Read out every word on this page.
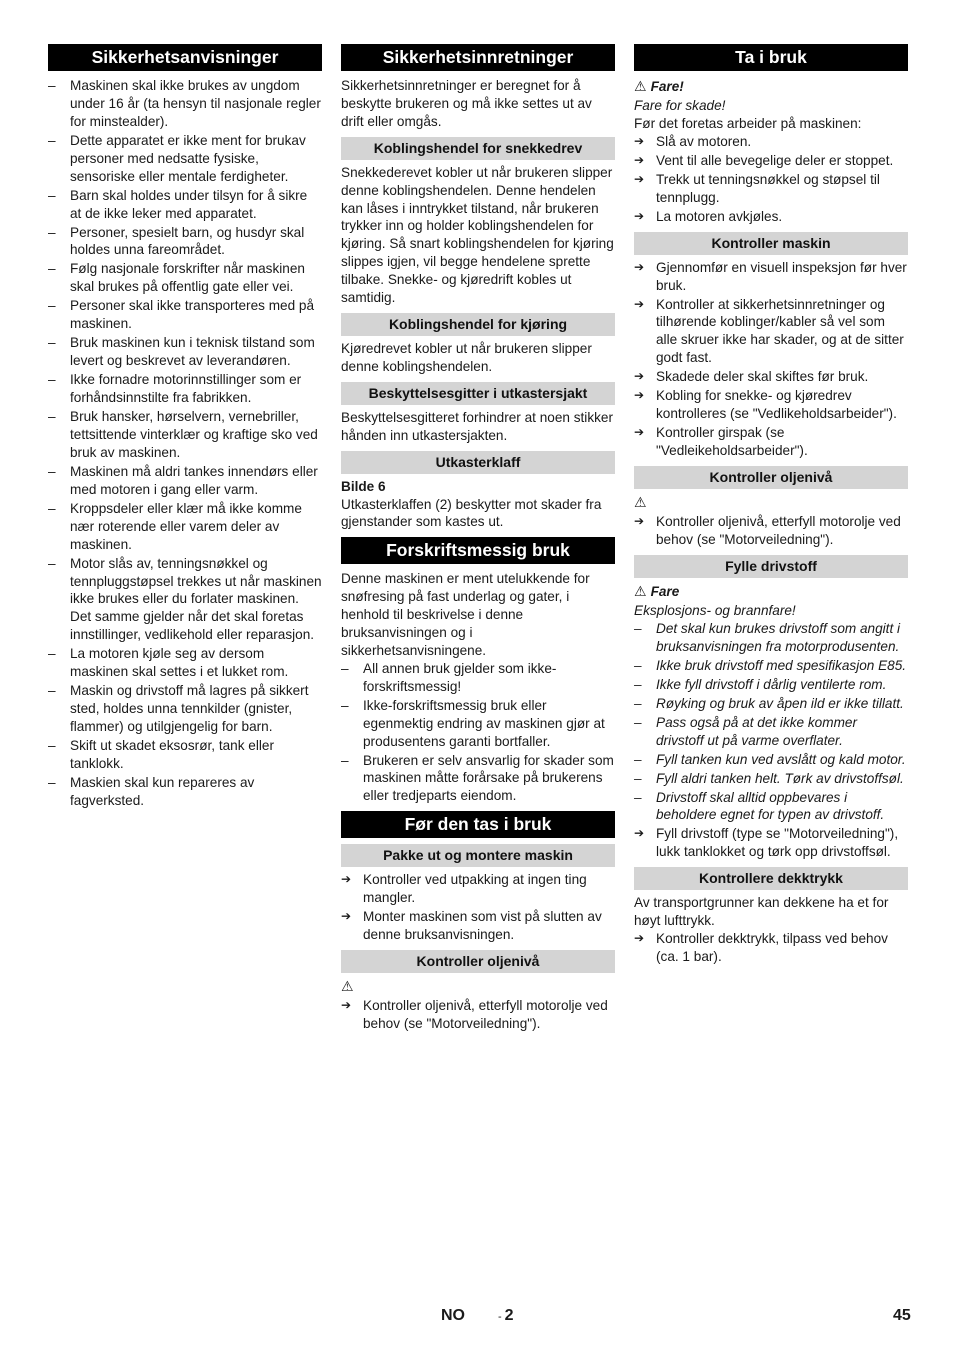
Sikkerhetsanvisninger
– Maskinen skal ikke brukes av ungdom under 16 år (ta hensyn til nasjonale regler for minstealder).
– Dette apparatet er ikke ment for brukav personer med nedsatte fysiske, sensoriske eller mentale ferdigheter.
– Barn skal holdes under tilsyn for å sikre at de ikke leker med apparatet.
– Personer, spesielt barn, og husdyr skal holdes unna fareområdet.
– Følg nasjonale forskrifter når maskinen skal brukes på offentlig gate eller vei.
– Personer skal ikke transporteres med på maskinen.
– Bruk maskinen kun i teknisk tilstand som levert og beskrevet av leverandøren.
– Ikke fornadre motorinnstillinger som er forhåndsinnstilte fra fabrikken.
– Bruk hansker, hørselvern, vernebriller, tettsittende vinterklær og kraftige sko ved bruk av maskinen.
– Maskinen må aldri tankes innendørs eller med motoren i gang eller varm.
– Kroppsdeler eller klær må ikke komme nær roterende eller varem deler av maskinen.
– Motor slås av, tenningsnøkkel og tennpluggstøpsel trekkes ut når maskinen ikke brukes eller du forlater maskinen. Det samme gjelder når det skal foretas innstillinger, vedlikehold eller reparasjon.
– La motoren kjøle seg av dersom maskinen skal settes i et lukket rom.
– Maskin og drivstoff må lagres på sikkert sted, holdes unna tennkilder (gnister, flammer) og utilgjengelig for barn.
– Skift ut skadet eksosrør, tank eller tanklokk.
– Maskien skal kun repareres av fagverksted.
Sikkerhetsinnretninger

Sikkerhetsinnretninger er beregnet for å beskytte brukeren og må ikke settes ut av drift eller omgås.

Koblingshendel for snekkedrev

Snekkederevet kobler ut når brukeren slipper denne koblingshendelen. Denne hendelen kan låses i inntrykket tilstand, når brukeren trykker inn og holder koblingshendelen for kjøring. Så snart koblingshendelen for kjøring slippes igjen, vil begge hendelene sprette tilbake. Snekke- og kjøredrift kobles ut samtidig.

Koblingshendel for kjøring

Kjøredrevet kobler ut når brukeren slipper denne koblingshendelen.

Beskyttelsesgitter i utkastersjakt

Beskyttelsesgitteret forhindrer at noen stikker hånden inn utkastersjakten.

Utkasterklaff

Bilde 6

Utkasterklaffen (2) beskytter mot skader fra gjenstander som kastes ut.

Forskriftsmessig bruk

Denne maskinen er ment utelukkende for snøfresing på fast underlag og gater, i henhold til beskrivelse i denne bruksanvisningen og i sikkerhetsanvisningene.

– All annen bruk gjelder som ikke-forskriftsmessig!
– Ikke-forskriftsmessig bruk eller egenmektig endring av maskinen gjør at produsentens garanti bortfaller.
– Brukeren er selv ansvarlig for skader som maskinen måtte forårsake på brukerens eller tredjeparts eiendom.
Før den tas i bruk
Pakke ut og montere maskin
➔ Kontroller ved utpakking at ingen ting mangler.
➔ Monter maskinen som vist på slutten av denne bruksanvisningen.
Kontroller oljenivå

⚠

➔ Kontroller oljenivå, etterfyll motorolje ved behov (se "Motorveiledning").
Ta i bruk

⚠ Fare!

Fare for skade!

Før det foretas arbeider på maskinen:

➔ Slå av motoren.
➔ Vent til alle bevegelige deler er stoppet.
➔ Trekk ut tenningsnøkkel og støpsel til tennplugg.
➔ La motoren avkjøles.
Kontroller maskin
➔ Gjennomfør en visuell inspeksjon før hver bruk.
➔ Kontroller at sikkerhetsinnretninger og tilhørende koblinger/kabler så vel som alle skruer ikke har skader, og at de sitter godt fast.
➔ Skadede deler skal skiftes før bruk.
➔ Kobling for snekke- og kjøredrev kontrolleres (se "Vedlikeholdsarbeider").
➔ Kontroller girspak (se "Vedleikeholdsarbeider").
Kontroller oljenivå

⚠

➔ Kontroller oljenivå, etterfyll motorolje ved behov (se "Motorveiledning").
Fylle drivstoff

⚠ Fare

Eksplosjons- og brannfare!

– Det skal kun brukes drivstoff som angitt i bruksanvisningen fra motorprodusenten.
– Ikke bruk drivstoff med spesifikasjon E85.
– Ikke fyll drivstoff i dårlig ventilerte rom.
– Røyking og bruk av åpen ild er ikke tillatt.
– Pass også på at det ikke kommer drivstoff ut på varme overflater.
– Fyll tanken kun ved avslått og kald motor.
– Fyll aldri tanken helt. Tørk av drivstoffsøl.
– Drivstoff skal alltid oppbevares i beholdere egnet for typen av drivstoff.
➔ Fyll drivstoff (type se "Motorveiledning"), lukk tanklokket og tørk opp drivstoffsøl.
Kontrollere dekktrykk

Av transportgrunner kan dekkene ha et for høyt lufttrykk.

➔ Kontroller dekktrykk, tilpass ved behov (ca. 1 bar).
NO	- 2	45
